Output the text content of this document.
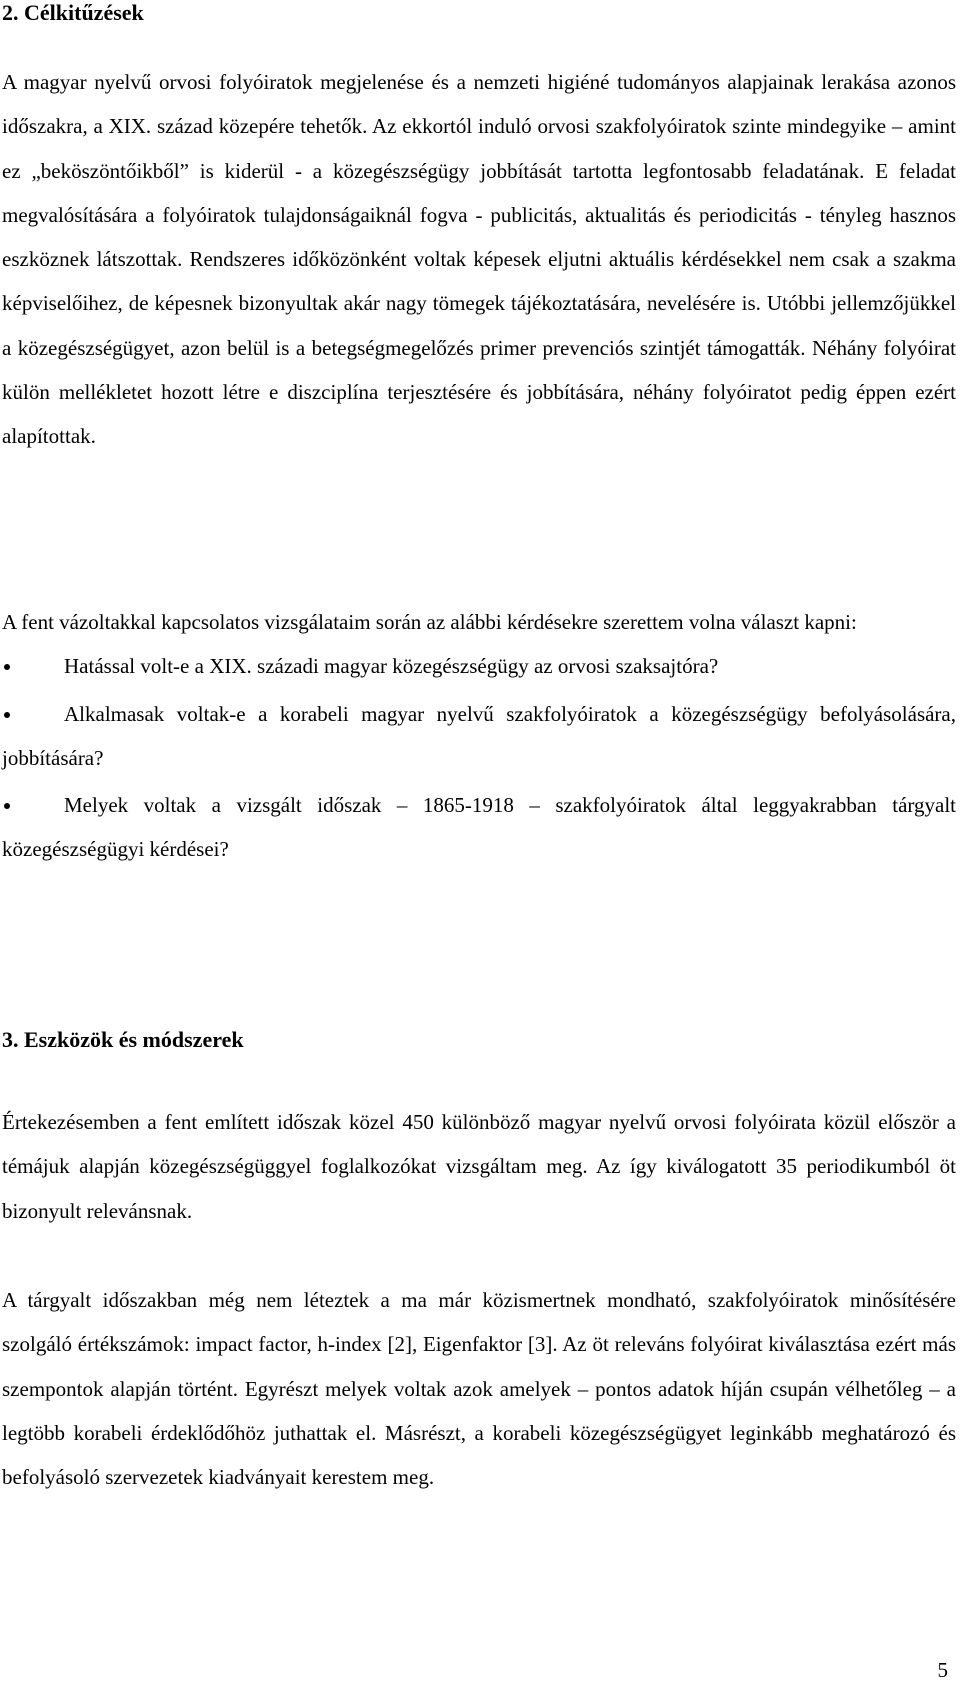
2. Célkitűzések

A magyar nyelvű orvosi folyóiratok megjelenése és a nemzeti higiéné tudományos alapjainak lerakása azonos időszakra, a XIX. század közepére tehetők. Az ekkortól induló orvosi szakfolyóiratok szinte mindegyike – amint ez „beköszöntőikből” is kiderül - a közegészségügy jobbítását tartotta legfontosabb feladatának. E feladat megvalósítására a folyóiratok tulajdonságaiknál fogva - publicitás, aktualitás és periodicitás - tényleg hasznos eszköznek látszottak. Rendszeres időközönként voltak képesek eljutni aktuális kérdésekkel nem csak a szakma képviselőihez, de képesnek bizonyultak akár nagy tömegek tájékoztatására, nevelésére is. Utóbbi jellemzőjükkel a közegészségügyet, azon belül is a betegségmegelőzés primer prevenciós szintjét támogatták. Néhány folyóirat külön mellékletet hozott létre e diszciplína terjesztésére és jobbítására, néhány folyóiratot pedig éppen ezért alapítottak.

A fent vázoltakkal kapcsolatos vizsgálataim során az alábbi kérdésekre szerettem volna választ kapni:

Hatással volt-e a XIX. századi magyar közegészségügy az orvosi szaksajtóra?
Alkalmasak voltak-e a korabeli magyar nyelvű szakfolyóiratok a közegészségügy befolyásolására, jobbítására?
Melyek voltak a vizsgált időszak – 1865-1918 – szakfolyóiratok által leggyakrabban tárgyalt közegészségügyi kérdései?
3. Eszközök és módszerek

Értekezésemben a fent említett időszak közel 450 különböző magyar nyelvű orvosi folyóirata közül először a témájuk alapján közegészségüggyel foglalkozókat vizsgáltam meg. Az így kiválogatott 35 periodikumból öt bizonyult relevánsnak.

A tárgyalt időszakban még nem léteztek a ma már közismertnek mondható, szakfolyóiratok minősítésére szolgáló értékszámok: impact factor, h-index [2], Eigenfaktor [3]. Az öt releváns folyóirat kiválasztása ezért más szempontok alapján történt. Egyrészt melyek voltak azok amelyek – pontos adatok híján csupán vélhetőleg – a legtöbb korabeli érdeklődőhöz juthattak el. Másrészt, a korabeli közegészségügyet leginkább meghatározó és befolyásoló szervezetek kiadványait kerestem meg.

5
